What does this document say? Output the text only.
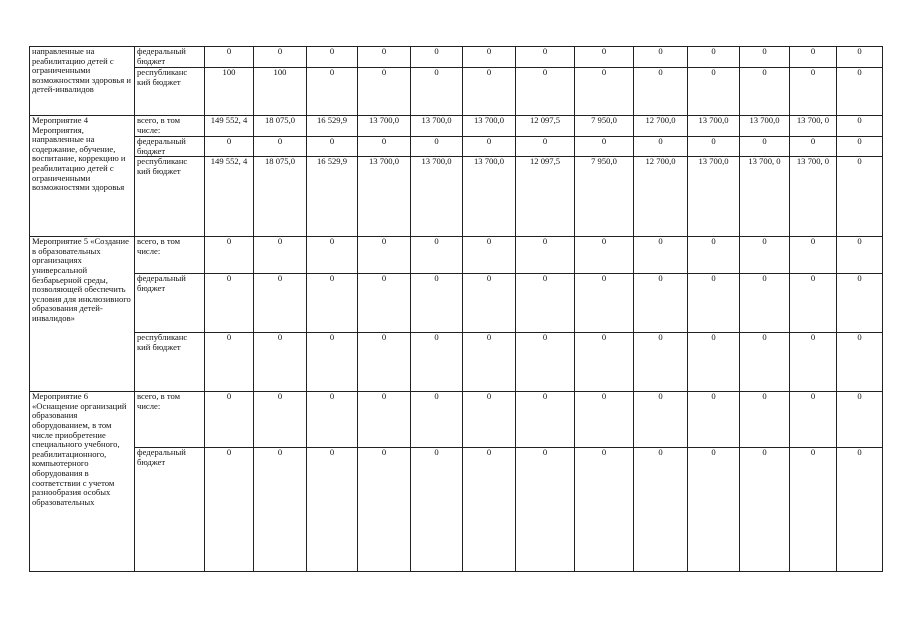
направленные на реабилитацию детей с ограниченными возможностями здоровья и детей-инвалидов	федеральный бюджет	0	0	0	0	0	0	0	0	0	0	0	0	0
	республиканс кий бюджет	100	100	0	0	0	0	0	0	0	0	0	0	0
Мероприятие 4 Мероприятия, направленные на содержание, обучение, воспитание, коррекцию и реабилитацию детей с ограниченными возможностями здоровья	всего, в том числе:	149 552, 4	18 075,0	16 529,9	13 700,0	13 700,0	13 700,0	12 097,5	7 950,0	12 700,0	13 700,0	13 700,0	13 700, 0	0
	федеральный бюджет	0	0	0	0	0	0	0	0	0	0	0	0	0
	республиканс кий бюджет	149 552, 4	18 075,0	16 529,9	13 700,0	13 700,0	13 700,0	12 097,5	7 950,0	12 700,0	13 700,0	13 700, 0	13 700, 0	0
Мероприятие 5 «Создание в образовательных организациях универсальной безбарьерной среды, позволяющей обеспечить условия для инклюзивного образования детей-инвалидов»	всего, в том числе:	0	0	0	0	0	0	0	0	0	0	0	0	0
	федеральный бюджет	0	0	0	0	0	0	0	0	0	0	0	0	0
	республиканс кий бюджет	0	0	0	0	0	0	0	0	0	0	0	0	0
Мероприятие 6 «Оснащение организаций образования оборудованием, в том числе приобретение специального учебного, реабилитационного, компьютерного оборудования в соответствии с учетом разнообразия особых образовательных	всего, в том числе:	0	0	0	0	0	0	0	0	0	0	0	0	0
	федеральный бюджет	0	0	0	0	0	0	0	0	0	0	0	0	0
